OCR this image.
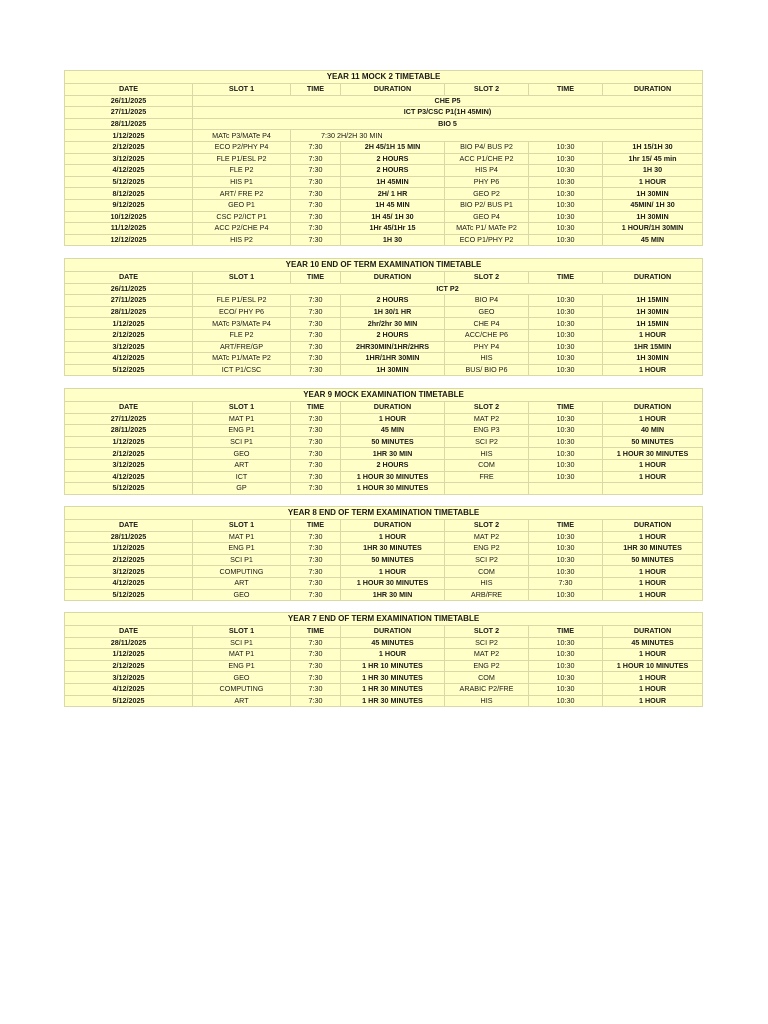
YEAR 11 MOCK 2 TIMETABLE						
DATE	SLOT 1	TIME	DURATION	SLOT 2	TIME	DURATION
26/11/2025	CHE P5					
27/11/2025	ICT P3/CSC P1(1H 45MIN)					
28/11/2025	BIO 5					
1/12/2025	MATc P3/MATe P4	7:30 2H/2H 30 MIN				
2/12/2025	ECO P2/PHY P4	7:30	2H 45/1H 15 MIN	BIO P4/ BUS P2	10:30	1H 15/1H 30
3/12/2025	FLE P1/ESL P2	7:30	2 HOURS	ACC P1/CHE P2	10:30	1hr 15/ 45 min
4/12/2025	FLE P2	7:30	2 HOURS	HIS P4	10:30	1H 30
5/12/2025	HIS P1	7:30	1H 45MIN	PHY P6	10:30	1 HOUR
8/12/2025	ART/ FRE P2	7:30	2H/ 1 HR	GEO P2	10:30	1H 30MIN
9/12/2025	GEO P1	7:30	1H 45 MIN	BIO P2/ BUS P1	10:30	45MIN/ 1H 30
10/12/2025	CSC P2/ICT P1	7:30	1H 45/ 1H 30	GEO P4	10:30	1H 30MIN
11/12/2025	ACC P2/CHE P4	7:30	1Hr 45/1Hr 15	MATc P1/ MATe P2	10:30	1 HOUR/1H 30MIN
12/12/2025	HIS P2	7:30	1H 30	ECO P1/PHY P2	10:30	45 MIN
YEAR 10 END OF TERM EXAMINATION TIMETABLE						
DATE	SLOT 1	TIME	DURATION	SLOT 2	TIME	DURATION
26/11/2025	ICT P2					
27/11/2025	FLE P1/ESL P2	7:30	2 HOURS	BIO P4	10:30	1H 15MIN
28/11/2025	ECO/ PHY P6	7:30	1H 30/1 HR	GEO	10:30	1H 30MIN
1/12/2025	MATc P3/MATe P4	7:30	2hr/2hr 30 MIN	CHE P4	10:30	1H 15MIN
2/12/2025	FLE P2	7:30	2 HOURS	ACC/CHE P6	10:30	1 HOUR
3/12/2025	ART/FRE/GP	7:30	2HR30MIN/1HR/2HRS	PHY P4	10:30	1HR 15MIN
4/12/2025	MATc P1/MATe P2	7:30	1HR/1HR 30MIN	HIS	10:30	1H 30MIN
5/12/2025	ICT P1/CSC	7:30	1H 30MIN	BUS/ BIO P6	10:30	1 HOUR
YEAR 9 MOCK EXAMINATION TIMETABLE						
DATE	SLOT 1	TIME	DURATION	SLOT 2	TIME	DURATION
27/11/2025	MAT P1	7:30	1 HOUR	MAT P2	10:30	1 HOUR
28/11/2025	ENG P1	7:30	45 MIN	ENG P3	10:30	40 MIN
1/12/2025	SCI P1	7:30	50 MINUTES	SCI P2	10:30	50 MINUTES
2/12/2025	GEO	7:30	1HR 30 MIN	HIS	10:30	1 HOUR 30 MINUTES
3/12/2025	ART	7:30	2 HOURS	COM	10:30	1 HOUR
4/12/2025	ICT	7:30	1 HOUR 30 MINUTES	FRE	10:30	1 HOUR
5/12/2025	GP	7:30	1 HOUR 30 MINUTES			
YEAR 8 END OF TERM EXAMINATION TIMETABLE						
DATE	SLOT 1	TIME	DURATION	SLOT 2	TIME	DURATION
28/11/2025	MAT P1	7:30	1 HOUR	MAT P2	10:30	1 HOUR
1/12/2025	ENG P1	7:30	1HR 30 MINUTES	ENG P2	10:30	1HR 30 MINUTES
2/12/2025	SCI P1	7:30	50 MINUTES	SCI P2	10:30	50 MINUTES
3/12/2025	COMPUTING	7:30	1 HOUR	COM	10:30	1 HOUR
4/12/2025	ART	7:30	1 HOUR 30 MINUTES	HIS	7:30	1 HOUR
5/12/2025	GEO	7:30	1HR 30 MIN	ARB/FRE	10:30	1 HOUR
YEAR 7 END OF TERM EXAMINATION TIMETABLE						
DATE	SLOT 1	TIME	DURATION	SLOT 2	TIME	DURATION
28/11/2025	SCI P1	7:30	45 MINUTES	SCI P2	10:30	45 MINUTES
1/12/2025	MAT P1	7:30	1 HOUR	MAT P2	10:30	1 HOUR
2/12/2025	ENG P1	7:30	1 HR 10 MINUTES	ENG P2	10:30	1 HOUR 10 MINUTES
3/12/2025	GEO	7:30	1 HR 30 MINUTES	COM	10:30	1 HOUR
4/12/2025	COMPUTING	7:30	1 HR 30 MINUTES	ARABIC P2/FRE	10:30	1 HOUR
5/12/2025	ART	7:30	1 HR 30 MINUTES	HIS	10:30	1 HOUR
